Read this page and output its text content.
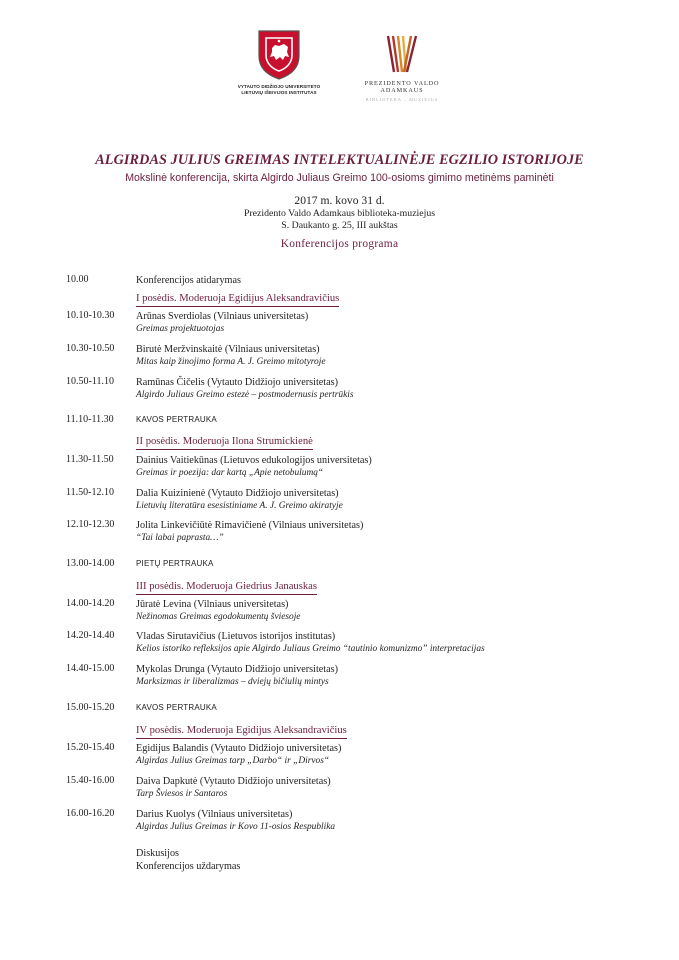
VYTAUTO DIDŽIOJO UNIVERSITETO
LIETUVIŲ IŠEIVIJOS INSTITUTAS
PREZIDENTO VALDO ADAMKAUS
BIBLIOTEKA – MUZIEJUS
ALGIRDAS JULIUS GREIMAS INTELEKTUALINĖJE EGZILIO ISTORIJOJE
Mokslinė konferencija, skirta Algirdo Juliaus Greimo 100-osioms gimimo metinėms paminėti
2017 m. kovo 31 d.
Prezidento Valdo Adamkaus biblioteka-muziejus
S. Daukanto g. 25, III aukštas
Konferencijos programa
10.00	Konferencijos atidarymas
I posėdis. Moderuoja Egidijus Aleksandravičius
10.10-10.30 Arūnas Sverdiolas (Vilniaus universitetas)
Greimas projektuotojas
10.30-10.50 Birutė Meržvinskaitė (Vilniaus universitetas)
Mitas kaip žinojimo forma A. J. Greimo mitotyroje
10.50-11.10 Ramūnas Čičelis (Vytauto Didžiojo universitetas)
Algirdo Juliaus Greimo estezė – postmodernusis pertrūkis
11.10-11.30	KAVOS PERTRAUKA
II posėdis. Moderuoja Ilona Strumickienė
11.30-11.50 Dainius Vaitiekūnas (Lietuvos edukologijos universitetas)
Greimas ir poezija: dar kartą „Apie netobulumą“
11.50-12.10 Dalia Kuizinienė (Vytauto Didžiojo universitetas)
Lietuvių literatūra esesistiniame A. J. Greimo akiratyje
12.10-12.30 Jolita Linkevičiūtė Rimavičienė (Vilniaus universitetas)
“Tai labai paprasta…”
13.00-14.00	PIETŲ PERTRAUKA
III posėdis. Moderuoja Giedrius Janauskas
14.00-14.20 Jūratė Levina (Vilniaus universitetas)
Nežinomas Greimas egodokumentų šviesoje
14.20-14.40 Vladas Sirutavičius (Lietuvos istorijos institutas)
Kelios istoriko refleksijos apie Algirdo Juliaus Greimo “tautinio komunizmo” interpretacijas
14.40-15.00 Mykolas Drunga (Vytauto Didžiojo universitetas)
Marksizmas ir liberalizmas – dviejų bičiulių mintys
15.00-15.20	KAVOS PERTRAUKA
IV posėdis. Moderuoja Egidijus Aleksandravičius
15.20-15.40 Egidijus Balandis (Vytauto Didžiojo universitetas)
Algirdas Julius Greimas tarp „Darbo“ ir „Dirvos“
15.40-16.00 Daiva Dapkutė (Vytauto Didžiojo universitetas)
Tarp Šviesos ir Santaros
16.00-16.20 Darius Kuolys (Vilniaus universitetas)
Algirdas Julius Greimas ir Kovo 11-osios Respublika
Diskusijos
Konferencijos uždarymas
